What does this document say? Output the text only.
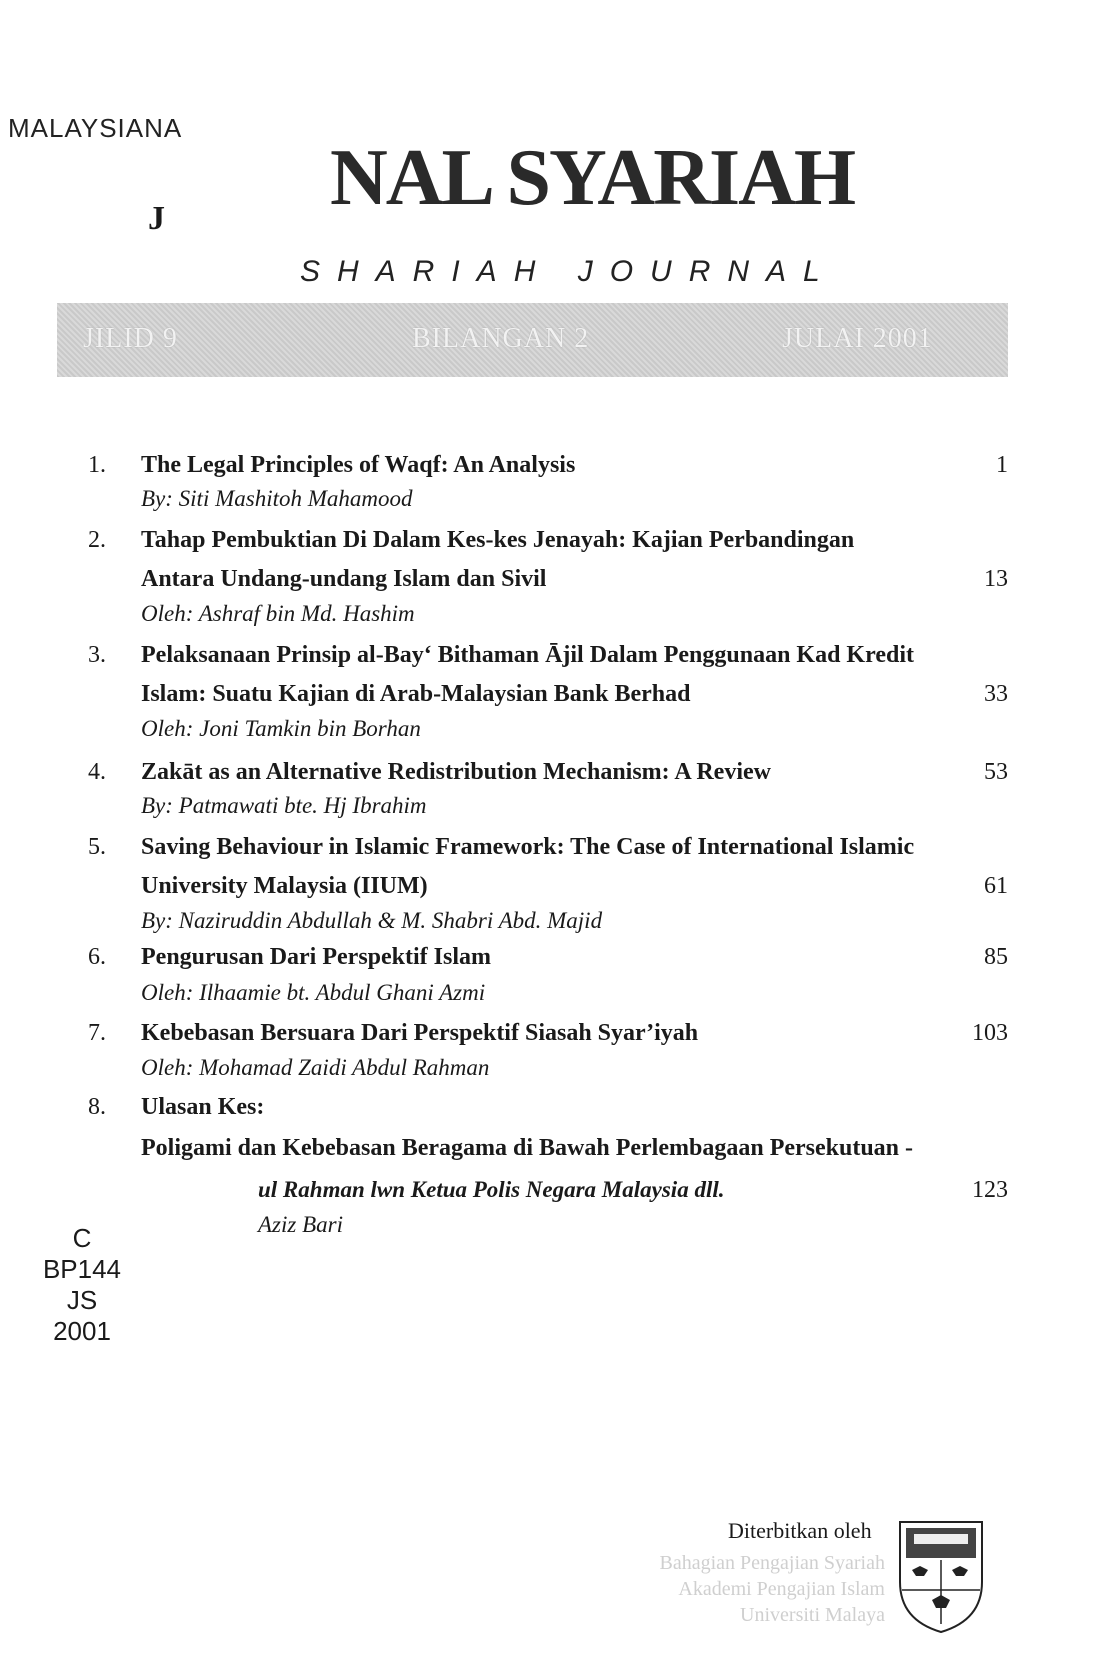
MALAYSIANA
J NAL SYARIAH
SHARIAH JOURNAL
JILID 9	BILANGAN 2	JULAI 2001
1. The Legal Principles of Waqf: An Analysis
By: Siti Mashitoh Mahamood
1
2. Tahap Pembuktian Di Dalam Kes-kes Jenayah: Kajian Perbandingan
Antara Undang-undang Islam dan Sivil
Oleh: Ashraf bin Md. Hashim
13
3. Pelaksanaan Prinsip al-Bay‘ Bithaman Ājil Dalam Penggunaan Kad Kredit
Islam: Suatu Kajian di Arab-Malaysian Bank Berhad
Oleh: Joni Tamkin bin Borhan
33
4. Zakāt as an Alternative Redistribution Mechanism: A Review
By: Patmawati bte. Hj Ibrahim
53
5. Saving Behaviour in Islamic Framework: The Case of International Islamic
University Malaysia (IIUM)
By: Naziruddin Abdullah & M. Shabri Abd. Majid
61
6. Pengurusan Dari Perspektif Islam
Oleh: Ilhaamie bt. Abdul Ghani Azmi
85
7. Kebebasan Bersuara Dari Perspektif Siasah Syar’iyah
Oleh: Mohamad Zaidi Abdul Rahman
103
8. Ulasan Kes:
Poligami dan Kebebasan Beragama di Bawah Perlembagaan Persekutuan -
ul Rahman lwn Ketua Polis Negara Malaysia dll.
Aziz Bari
123
C
BP144
JS
2001
Diterbitkan oleh
Bahagian Pengajian Syariah
Akademi Pengajian Islam
Universiti Malaya
